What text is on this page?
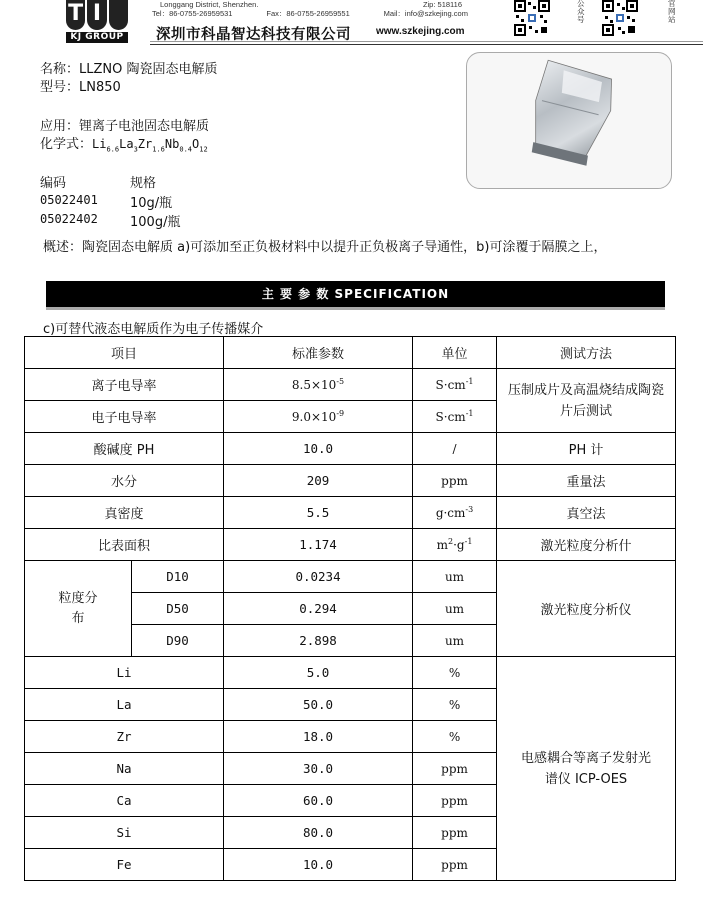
T I
KJ GROUP
Longgang District, Shenzhen.	Zip: 518116
Tel：86-0755-26959531	Fax：86-0755-26959551	Mail：info@szkejing.com
深圳市科晶智达科技有限公司	www.szkejing.com
公众号
官网站
名称：LLZNO 陶瓷固态电解质
型号：LN850
应用：锂离子电池固态电解质
化学式：$Li_{6.6}La_3Zr_{1.6}Nb_{0.4}O_{12}$
编码	规格
05022401 10g/瓶
05022402 100g/瓶
概述：陶瓷固态电解质 a)可添加至正负极材料中以提升正负极离子导通性，b)可涂覆于隔膜之上，
主 要 参 数 SPECIFICATION
c)可替代液态电解质作为电子传播媒介
项目		标准参数	单位	测试方法
离子电导率		$8.5\times 10^{-5}$	$S\cdot cm^{-1}$	压制成片及高温烧结成陶瓷片后测试
电子电导率		$9.0\times 10^{-9}$	$S\cdot cm^{-1}$
酸碱度 PH		10.0	/	PH 计
水分		209	ppm	重量法
真密度		5.5	$g\cdot cm^{-3}$	真空法
比表面积		1.174	$m^2\cdot g^{-1}$	激光粒度分析什
粒度分布	D10	0.0234	um	激光粒度分析仪
	D50	0.294	um	
	D90	2.898	um	
Li		5.0	%	电感耦合等离子发射光谱仪 ICP-OES
La		50.0	%	
Zr		18.0	%	
Na		30.0	ppm	
Ca		60.0	ppm	
Si		80.0	ppm	
Fe		10.0	ppm	
